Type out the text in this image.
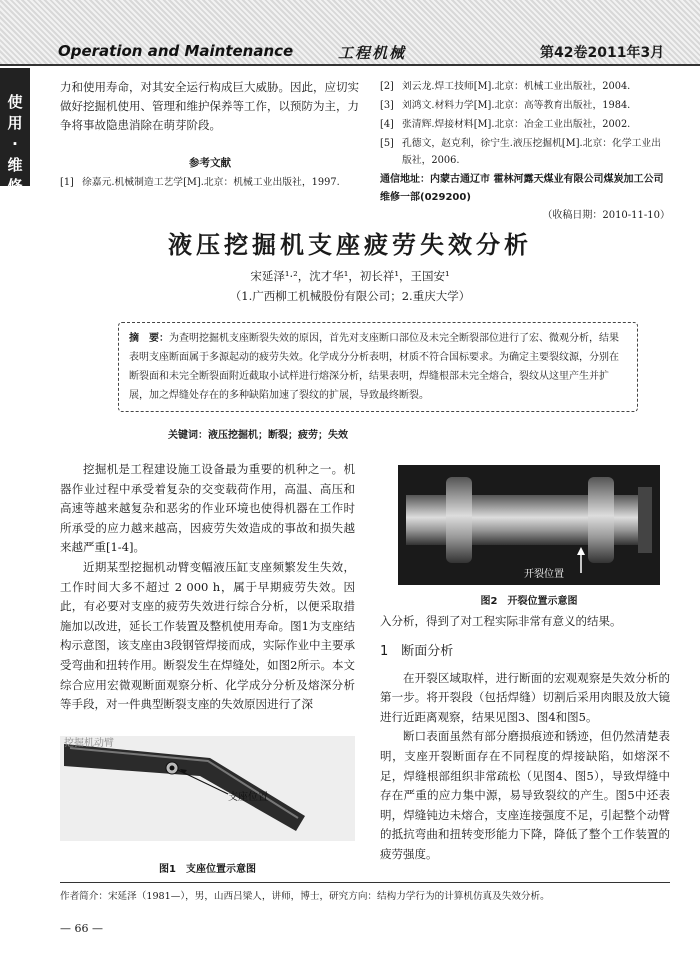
Operation and Maintenance	工程机械	第42卷2011年3月
使
用
·
维
修

力和使用寿命，对其安全运行构成巨大威胁。因此，应切实做好挖掘机使用、管理和维护保养等工作，以预防为主，力争将事故隐患消除在萌芽阶段。

参考文献
[1] 徐嘉元.机械制造工艺学[M].北京：机械工业出版社，1997.
[2] 刘云龙.焊工技师[M].北京：机械工业出版社，2004.
[3] 刘鸿文.材料力学[M].北京：高等教育出版社，1984.
[4] 张清辉.焊接材料[M].北京：冶金工业出版社，2002.
[5] 孔德文，赵克利，徐宁生.液压挖掘机[M].北京：化学工业出版社，2006.
通信地址：内蒙古通辽市 霍林河露天煤业有限公司煤炭加工公司维修一部(029200)
（收稿日期：2010-11-10）
液压挖掘机支座疲劳失效分析
宋延泽¹·²，沈才华¹，初长祥¹，王国安¹
（1.广西柳工机械股份有限公司；2.重庆大学）
摘　要：为查明挖掘机支座断裂失效的原因，首先对支座断口部位及未完全断裂部位进行了宏、微观分析，结果表明支座断面属于多源起动的疲劳失效。化学成分分析表明，材质不符合国标要求。为确定主要裂纹源，分别在断裂面和未完全断裂面附近截取小试样进行熔深分析，结果表明，焊缝根部未完全熔合，裂纹从这里产生并扩展，加之焊缝处存在的多种缺陷加速了裂纹的扩展，导致最终断裂。
关键词：液压挖掘机；断裂；疲劳；失效

挖掘机是工程建设施工设备最为重要的机种之一。机器作业过程中承受着复杂的交变载荷作用，高温、高压和高速等越来越复杂和恶劣的作业环境也使得机器在工作时所承受的应力越来越高，因疲劳失效造成的事故和损失越来越严重[1-4]。

近期某型挖掘机动臂变幅液压缸支座频繁发生失效，工作时间大多不超过 2 000 h，属于早期疲劳失效。因此，有必要对支座的疲劳失效进行综合分析，以便采取措施加以改进，延长工作装置及整机使用寿命。图1为支座结构示意图，该支座由3段钢管焊接而成，实际作业中主要承受弯曲和扭转作用。断裂发生在焊缝处，如图2所示。本文综合应用宏微观断面观察分析、化学成分分析及熔深分析等手段，对一件典型断裂支座的失效原因进行了深

挖掘机动臂
支座位置
图1　支座位置示意图
开裂位置
图2　开裂位置示意图

入分析，得到了对工程实际非常有意义的结果。

1　断面分析

在开裂区域取样，进行断面的宏观观察是失效分析的第一步。将开裂段（包括焊缝）切割后采用肉眼及放大镜进行近距离观察，结果见图3、图4和图5。

断口表面虽然有部分磨损痕迹和锈迹，但仍然清楚表明，支座开裂断面存在不同程度的焊接缺陷，如熔深不足，焊缝根部组织非常疏松（见图4、图5），导致焊缝中存在严重的应力集中源，易导致裂纹的产生。图5中还表明，焊缝钝边未熔合，支座连接强度不足，引起整个动臂的抵抗弯曲和扭转变形能力下降，降低了整个工作装置的疲劳强度。

作者简介：宋延泽（1981—），男，山西吕梁人，讲师，博士，研究方向：结构力学行为的计算机仿真及失效分析。
— 66 —
